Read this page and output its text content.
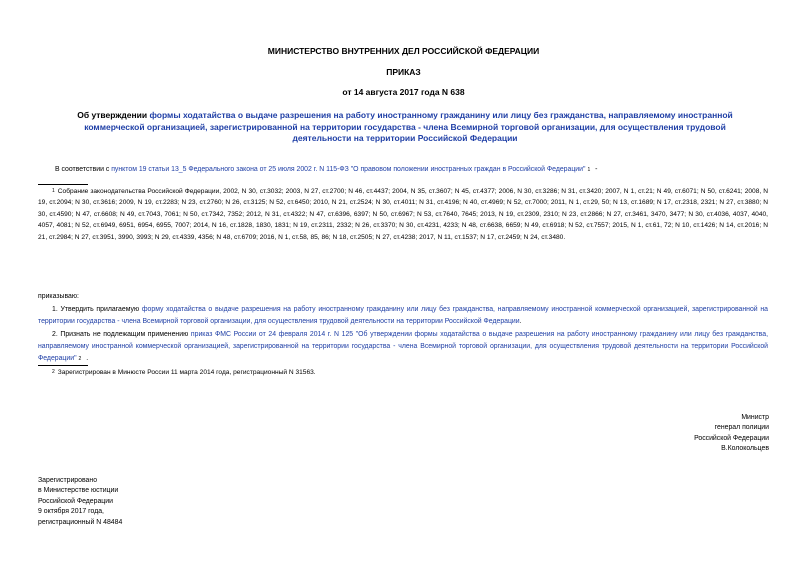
МИНИСТЕРСТВО ВНУТРЕННИХ ДЕЛ РОССИЙСКОЙ ФЕДЕРАЦИИ
ПРИКАЗ
от 14 августа 2017 года N 638
Об утверждении формы ходатайства о выдаче разрешения на работу иностранному гражданину или лицу без гражданства, направляемому иностранной коммерческой организацией, зарегистрированной на территории государства - члена Всемирной торговой организации, для осуществления трудовой деятельности на территории Российской Федерации
В соответствии с пунктом 19 статьи 13_5 Федерального закона от 25 июля 2002 г. N 115-ФЗ "О правовом положении иностранных граждан в Российской Федерации" $^1$ -
$^1$ Собрание законодательства Российской Федерации, 2002, N 30, ст.3032; 2003, N 27, ст.2700; N 46, ст.4437; 2004, N 35, ст.3607; N 45, ст.4377; 2006, N 30, ст.3286; N 31, ст.3420; 2007, N 1, ст.21; N 49, ст.6071; N 50, ст.6241; 2008, N 19, ст.2094; N 30, ст.3616; 2009, N 19, ст.2283; N 23, ст.2760; N 26, ст.3125; N 52, ст.6450; 2010, N 21, ст.2524; N 30, ст.4011; N 31, ст.4196; N 40, ст.4969; N 52, ст.7000; 2011, N 1, ст.29, 50; N 13, ст.1689; N 17, ст.2318, 2321; N 27, ст.3880; N 30, ст.4590; N 47, ст.6608; N 49, ст.7043, 7061; N 50, ст.7342, 7352; 2012, N 31, ст.4322; N 47, ст.6396, 6397; N 50, ст.6967; N 53, ст.7640, 7645; 2013, N 19, ст.2309, 2310; N 23, ст.2866; N 27, ст.3461, 3470, 3477; N 30, ст.4036, 4037, 4040, 4057, 4081; N 52, ст.6949, 6951, 6954, 6955, 7007; 2014, N 16, ст.1828, 1830, 1831; N 19, ст.2311, 2332; N 26, ст.3370; N 30, ст.4231, 4233; N 48, ст.6638, 6659; N 49, ст.6918; N 52, ст.7557; 2015, N 1, ст.61, 72; N 10, ст.1426; N 14, ст.2016; N 21, ст.2984; N 27, ст.3951, 3990, 3993; N 29, ст.4339, 4356; N 48, ст.6709; 2016, N 1, ст.58, 85, 86; N 18, ст.2505; N 27, ст.4238; 2017, N 11, ст.1537; N 17, ст.2459; N 24, ст.3480.
приказываю:
1. Утвердить прилагаемую форму ходатайства о выдаче разрешения на работу иностранному гражданину или лицу без гражданства, направляемому иностранной коммерческой организацией, зарегистрированной на территории государства - члена Всемирной торговой организации, для осуществления трудовой деятельности на территории Российской Федерации.
2. Признать не подлежащим применению приказ ФМС России от 24 февраля 2014 г. N 125 "Об утверждении формы ходатайства о выдаче разрешения на работу иностранному гражданину или лицу без гражданства, направляемому иностранной коммерческой организацией, зарегистрированной на территории государства - члена Всемирной торговой организации, для осуществления трудовой деятельности на территории Российской Федерации" $^2$ .
$^2$ Зарегистрирован в Минюсте России 11 марта 2014 года, регистрационный N 31563.
Министр
генерал полиции
Российской Федерации
В.Колокольцев
Зарегистрировано
в Министерстве юстиции
Российской Федерации
9 октября 2017 года,
регистрационный N 48484
